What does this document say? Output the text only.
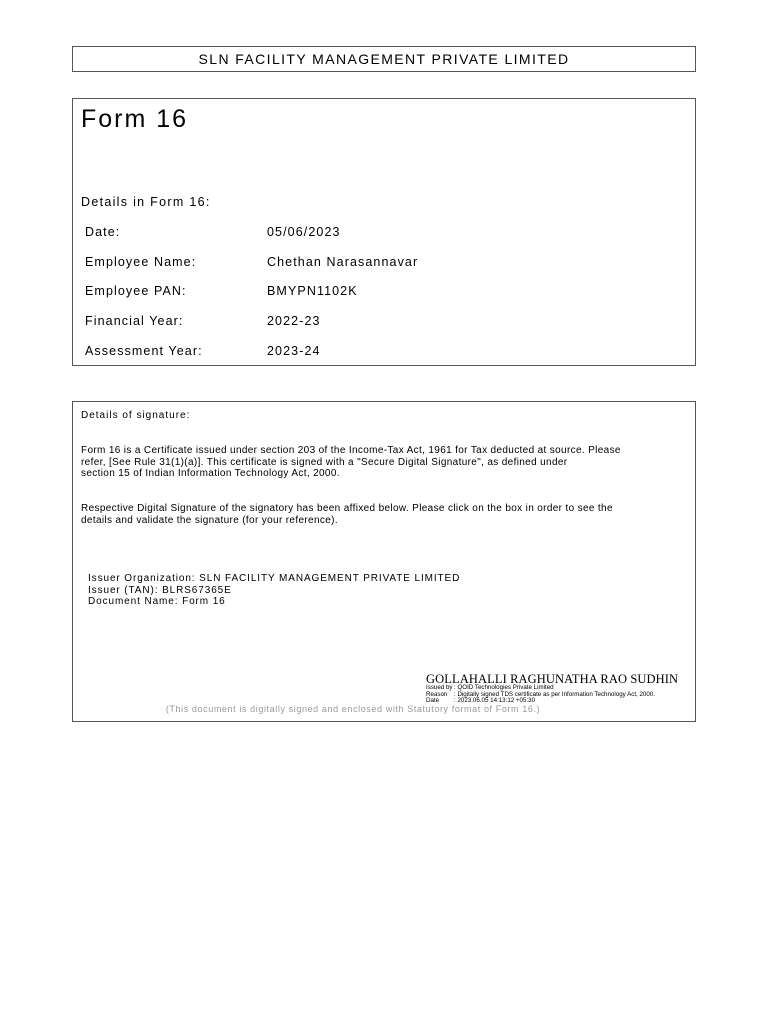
SLN FACILITY MANAGEMENT PRIVATE LIMITED
Form 16
Details in Form 16:
Date:	05/06/2023
Employee Name:	Chethan Narasannavar
Employee PAN:	BMYPN1102K
Financial Year:	2022-23
Assessment Year:	2023-24
Details of signature:
Form 16 is a Certificate issued under section 203 of the Income-Tax Act, 1961 for Tax deducted at source. Please
refer, [See Rule 31(1)(a)]. This certificate is signed with a "Secure Digital Signature", as defined under
section 15 of Indian Information Technology Act, 2000.
Respective Digital Signature of the signatory has been affixed below. Please click on the box in order to see the
details and validate the signature (for your reference).
Issuer Organization: SLN FACILITY MANAGEMENT PRIVATE LIMITED
Issuer (TAN): BLRS67365E
Document Name: Form 16
GOLLAHALLI RAGHUNATHA RAO SUDHIN
Issued by : QOID Technologies Private Limited
Reason : Digitally signed TDS certificate as per Information Technology Act, 2000.
Date : 2023.06.05 14:13:12 +05:30
(This document is digitally signed and enclosed with Statutory format of Form 16.)
